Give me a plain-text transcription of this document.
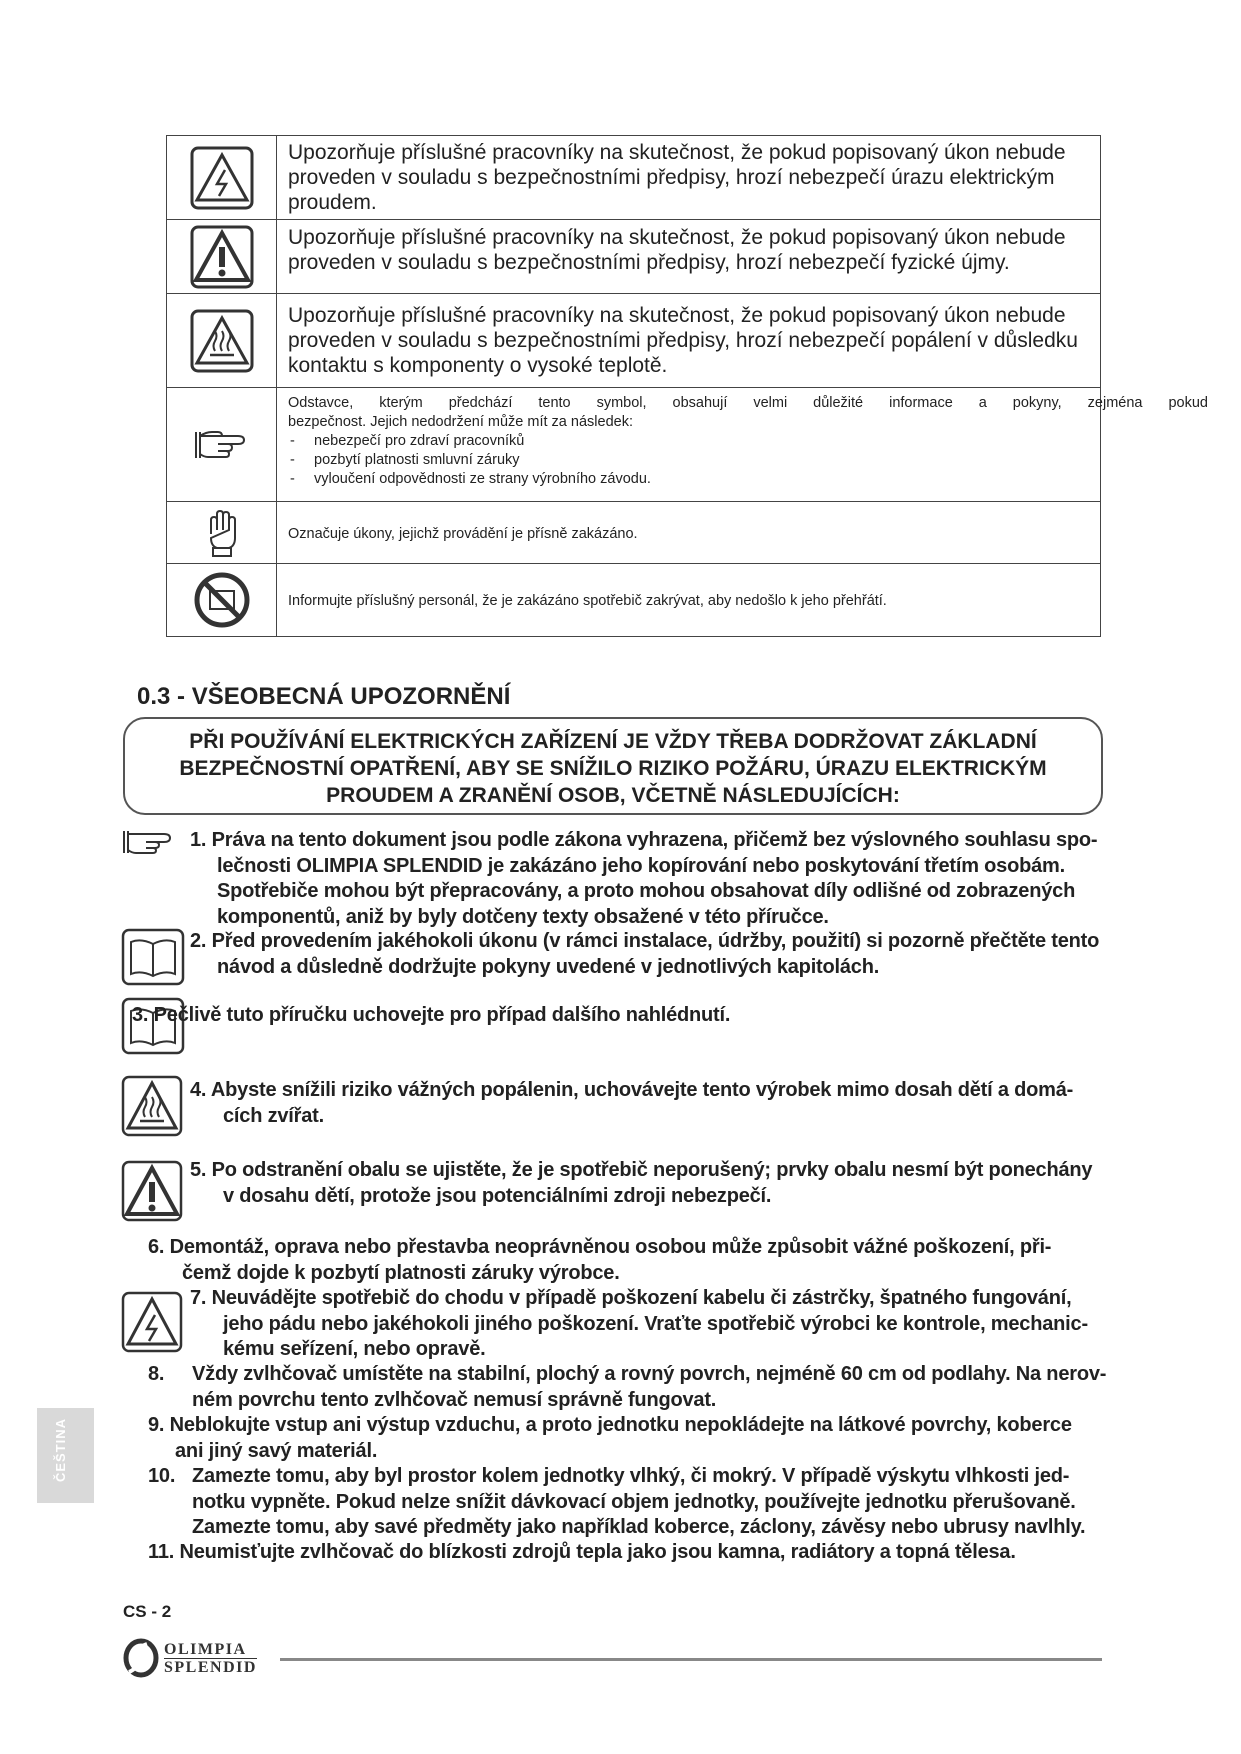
Upozorňuje příslušné pracovníky na skutečnost, že pokud popisovaný úkon nebude
proveden v souladu s bezpečnostními předpisy, hrozí nebezpečí úrazu elektrickým
proudem.
Upozorňuje příslušné pracovníky na skutečnost, že pokud popisovaný úkon nebude
proveden v souladu s bezpečnostními předpisy, hrozí nebezpečí fyzické újmy.
Upozorňuje příslušné pracovníky na skutečnost, že pokud popisovaný úkon nebude
proveden v souladu s bezpečnostními předpisy, hrozí nebezpečí popálení v důsledku
kontaktu s komponenty o vysoké teplotě.
Odstavce, kterým předchází tento symbol, obsahují velmi důležité informace a pokyny, zejména pokud
bezpečnost. Jejich nedodržení může mít za následek:
- nebezpečí pro zdraví pracovníků
- pozbytí platnosti smluvní záruky
- vyloučení odpovědnosti ze strany výrobního závodu.
Označuje úkony, jejichž provádění je přísně zakázáno.
Informujte příslušný personál, že je zakázáno spotřebič zakrývat, aby nedošlo k jeho přehřátí.
0.3 - VŠEOBECNÁ UPOZORNĚNÍ
PŘI POUŽÍVÁNÍ ELEKTRICKÝCH ZAŘÍZENÍ JE VŽDY TŘEBA DODRŽOVAT ZÁKLADNÍ
BEZPEČNOSTNÍ OPATŘENÍ, ABY SE SNÍŽILO RIZIKO POŽÁRU, ÚRAZU ELEKTRICKÝM
PROUDEM A ZRANĚNÍ OSOB, VČETNĚ NÁSLEDUJÍCÍCH:
1. Práva na tento dokument jsou podle zákona vyhrazena, přičemž bez výslovného souhlasu spo-
lečnosti OLIMPIA SPLENDID je zakázáno jeho kopírování nebo poskytování třetím osobám.
Spotřebiče mohou být přepracovány, a proto mohou obsahovat díly odlišné od zobrazených
komponentů, aniž by byly dotčeny texty obsažené v této příručce.
2. Před provedením jakéhokoli úkonu (v rámci instalace, údržby, použití) si pozorně přečtěte tento
návod a důsledně dodržujte pokyny uvedené v jednotlivých kapitolách.
3. Pečlivě tuto příručku uchovejte pro případ dalšího nahlédnutí.
4. Abyste snížili riziko vážných popálenin, uchovávejte tento výrobek mimo dosah dětí a domá-
cích zvířat.
5. Po odstranění obalu se ujistěte, že je spotřebič neporušený; prvky obalu nesmí být ponechány
v dosahu dětí, protože jsou potenciálními zdroji nebezpečí.
6. Demontáž, oprava nebo přestavba neoprávněnou osobou může způsobit vážné poškození, při-
čemž dojde k pozbytí platnosti záruky výrobce.
7. Neuvádějte spotřebič do chodu v případě poškození kabelu či zástrčky, špatného fungování,
jeho pádu nebo jakéhokoli jiného poškození. Vraťte spotřebič výrobci ke kontrole, mechanic-
kému seřízení, nebo opravě.
8.	Vždy zvlhčovač umístěte na stabilní, plochý a rovný povrch, nejméně 60 cm od podlahy. Na nerov-
ném povrchu tento zvlhčovač nemusí správně fungovat.
9. Neblokujte vstup ani výstup vzduchu, a proto jednotku nepokládejte na látkové povrchy, koberce
ani jiný savý materiál.
10. Zamezte tomu, aby byl prostor kolem jednotky vlhký, či mokrý. V případě výskytu vlhkosti jed-
notku vypněte. Pokud nelze snížit dávkovací objem jednotky, používejte jednotku přerušovaně.
Zamezte tomu, aby savé předměty jako například koberce, záclony, závěsy nebo ubrusy navlhly.
11. Neumisťujte zvlhčovač do blízkosti zdrojů tepla jako jsou kamna, radiátory a topná tělesa.
ČEŠTINA
CS - 2
OLIMPIA
SPLENDID
